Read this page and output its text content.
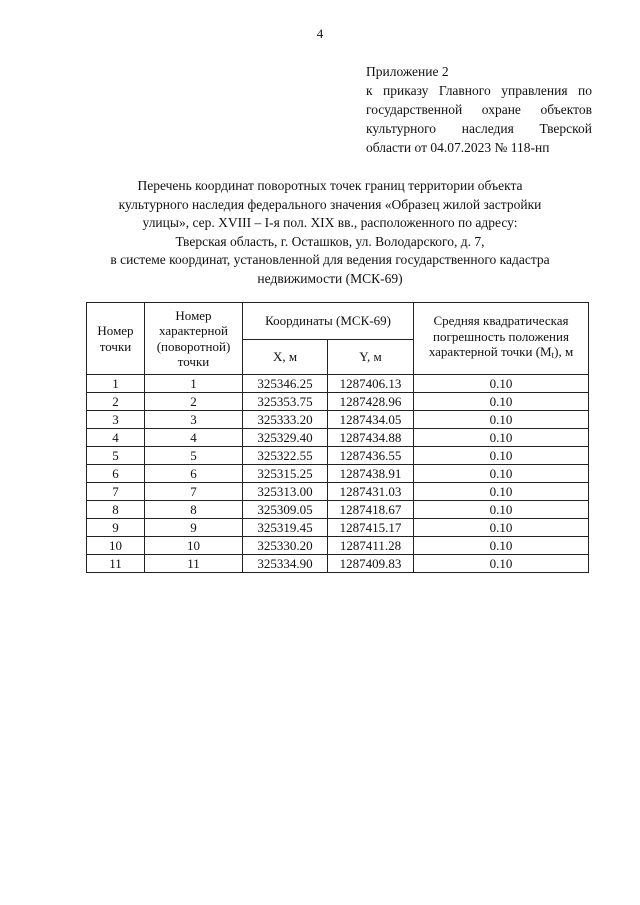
4
Приложение 2
к приказу Главного управления по
государственной охране объектов
культурного наследия Тверской
области от 04.07.2023 № 118-нп
Перечень координат поворотных точек границ территории объекта
культурного наследия федерального значения «Образец жилой застройки
улицы», сер. XVIII – I-я пол. XIX вв., расположенного по адресу:
Тверская область, г. Осташков, ул. Володарского, д. 7,
в системе координат, установленной для ведения государственного кадастра
недвижимости (МСК-69)
Номер точки	Номер характерной (поворотной) точки	Координаты (МСК-69)		Средняя квадратическая погрешность положения характерной точки $(M_t)$, м
		X, м	Y, м	
1	1	325346.25	1287406.13	0.10
2	2	325353.75	1287428.96	0.10
3	3	325333.20	1287434.05	0.10
4	4	325329.40	1287434.88	0.10
5	5	325322.55	1287436.55	0.10
6	6	325315.25	1287438.91	0.10
7	7	325313.00	1287431.03	0.10
8	8	325309.05	1287418.67	0.10
9	9	325319.45	1287415.17	0.10
10	10	325330.20	1287411.28	0.10
11	11	325334.90	1287409.83	0.10
